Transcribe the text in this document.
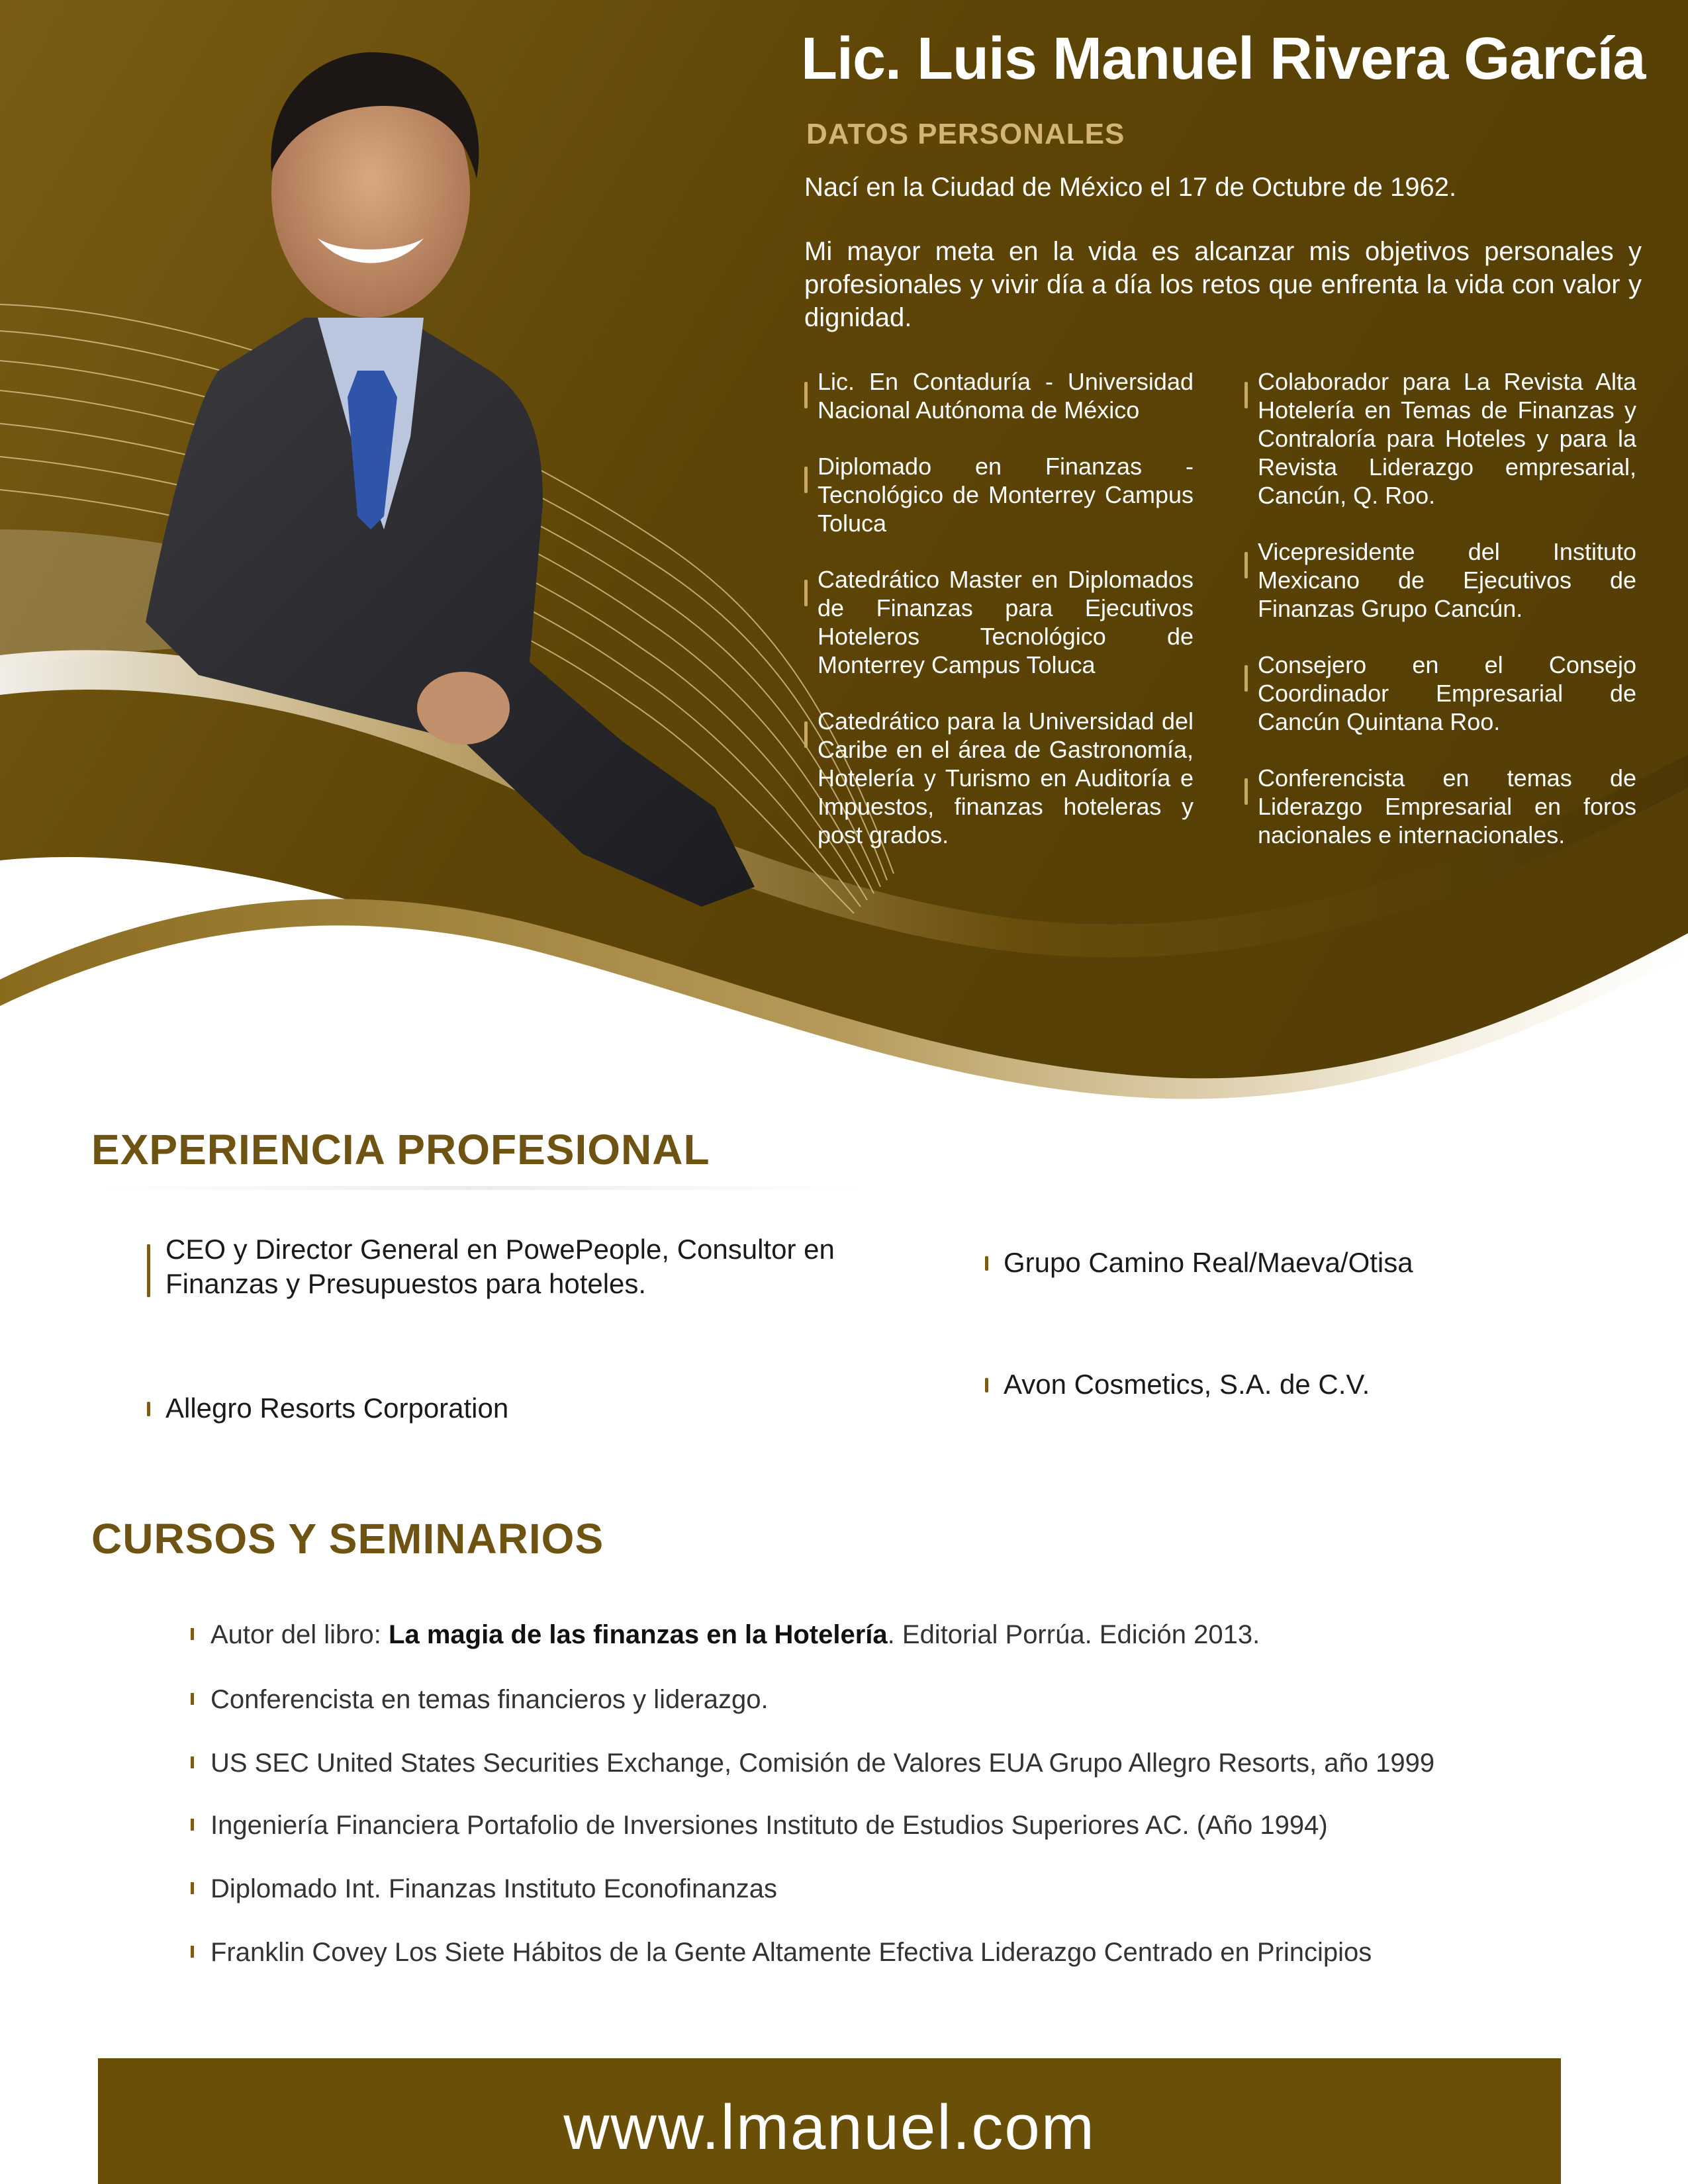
Lic. Luis Manuel Rivera García
DATOS PERSONALES
Nací en la Ciudad de México el 17 de Octubre de 1962.
Mi mayor meta en la vida es alcanzar mis objetivos personales y profesionales y vivir día a día los retos que enfrenta la vida con valor y dignidad.
Lic. En Contaduría - Universidad Nacional Autónoma de México
Diplomado en Finanzas - Tecnológico de Monterrey Campus Toluca
Catedrático Master en Diplomados de Finanzas para Ejecutivos Hoteleros Tecnológico de Monterrey Campus Toluca
Catedrático para la Universidad del Caribe en el área de Gastronomía, Hotelería y Turismo en Auditoría e Impuestos, finanzas hoteleras y post grados.
Colaborador para La Revista Alta Hotelería en Temas de Finanzas y Contraloría para Hoteles y para la Revista Liderazgo empresarial, Cancún, Q. Roo.
Vicepresidente del Instituto Mexicano de Ejecutivos de Finanzas Grupo Cancún.
Consejero en el Consejo Coordinador Empresarial de Cancún Quintana Roo.
Conferencista en temas de Liderazgo Empresarial en foros nacionales e internacionales.
EXPERIENCIA PROFESIONAL
CEO y Director General en PowePeople, Consultor en Finanzas y Presupuestos para hoteles.
Grupo Camino Real/Maeva/Otisa
Allegro Resorts Corporation
Avon Cosmetics, S.A. de C.V.
CURSOS Y SEMINARIOS
Autor del libro: La magia de las finanzas en la Hotelería. Editorial Porrúa. Edición 2013.
Conferencista en temas financieros y liderazgo.
US SEC United States Securities Exchange, Comisión de Valores EUA Grupo Allegro Resorts, año 1999
Ingeniería Financiera Portafolio de Inversiones Instituto de Estudios Superiores AC. (Año 1994)
Diplomado Int. Finanzas Instituto Econofinanzas
Franklin Covey Los Siete Hábitos de la Gente Altamente Efectiva Liderazgo Centrado en Principios
www.lmanuel.com
